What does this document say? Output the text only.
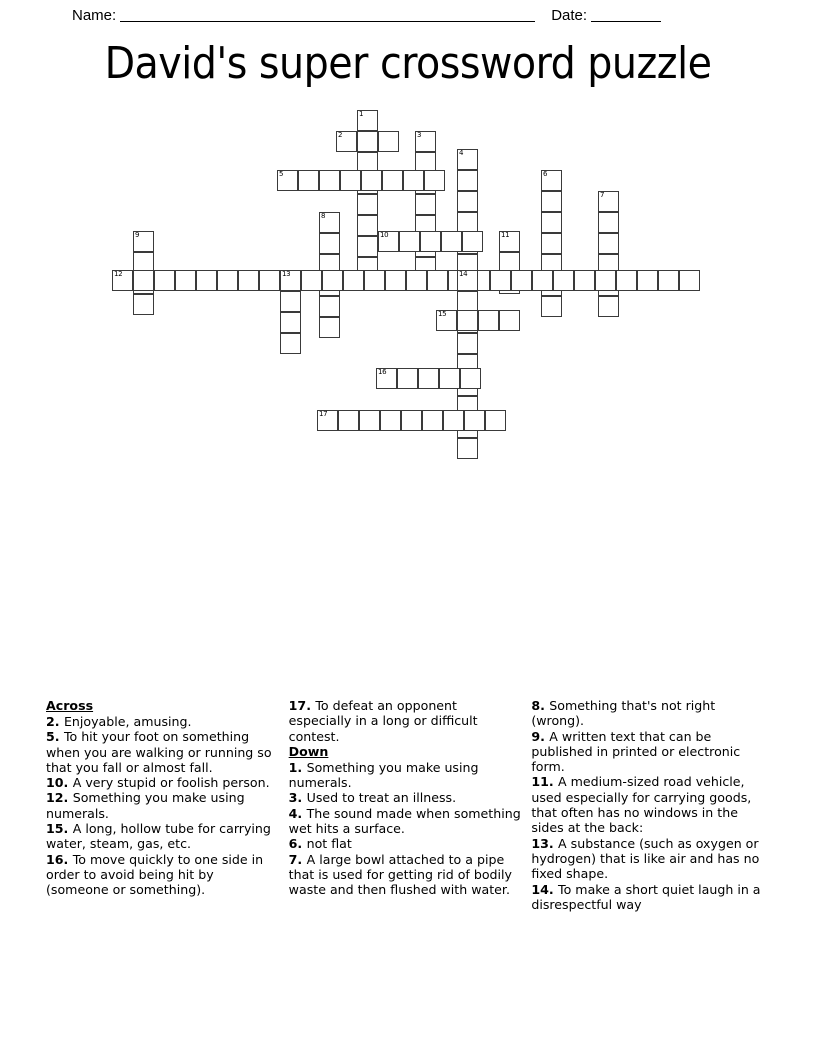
Name:	Date:
David's super crossword puzzle
1
2	3
4
5	6
7
8
9	10	11
12	13	14
15
16
17

Across

2. Enjoyable, amusing.

5. To hit your foot on something when you are walking or running so that you fall or almost fall.

10. A very stupid or foolish person.

12. Something you make using numerals.

15. A long, hollow tube for carrying water, steam, gas, etc.

16. To move quickly to one side in order to avoid being hit by (someone or something).

17. To defeat an opponent especially in a long or difficult contest.

Down

1. Something you make using numerals.

3. Used to treat an illness.

4. The sound made when something wet hits a surface.

6. not flat

7. A large bowl attached to a pipe that is used for getting rid of bodily waste and then flushed with water.

8. Something that's not right (wrong).

9. A written text that can be published in printed or electronic form.

11. A medium-sized road vehicle, used especially for carrying goods, that often has no windows in the sides at the back:

13. A substance (such as oxygen or hydrogen) that is like air and has no fixed shape.

14. To make a short quiet laugh in a disrespectful way
